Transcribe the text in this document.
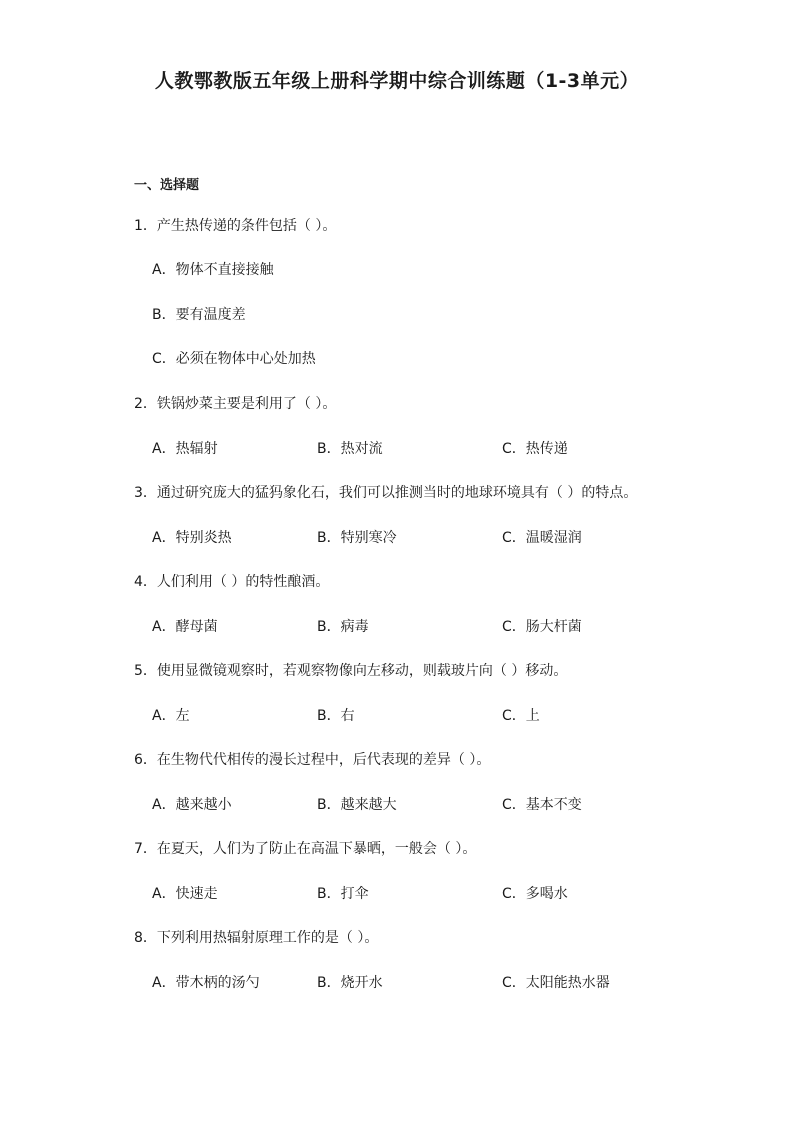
人教鄂教版五年级上册科学期中综合训练题（1-3单元）
一、选择题
1．产生热传递的条件包括（ ）。
A．物体不直接接触
B．要有温度差
C．必须在物体中心处加热
2．铁锅炒菜主要是利用了（ ）。
A．热辐射	B．热对流	C．热传递
3．通过研究庞大的猛犸象化石，我们可以推测当时的地球环境具有（ ）的特点。
A．特别炎热	B．特别寒冷	C．温暖湿润
4．人们利用（ ）的特性酿酒。
A．酵母菌	B．病毒	C．肠大杆菌
5．使用显微镜观察时，若观察物像向左移动，则载玻片向（ ）移动。
A．左	B．右	C．上
6．在生物代代相传的漫长过程中，后代表现的差异（ ）。
A．越来越小	B．越来越大	C．基本不变
7．在夏天，人们为了防止在高温下暴晒，一般会（ ）。
A．快速走	B．打伞	C．多喝水
8．下列利用热辐射原理工作的是（ ）。
A．带木柄的汤勺	B．烧开水	C．太阳能热水器
